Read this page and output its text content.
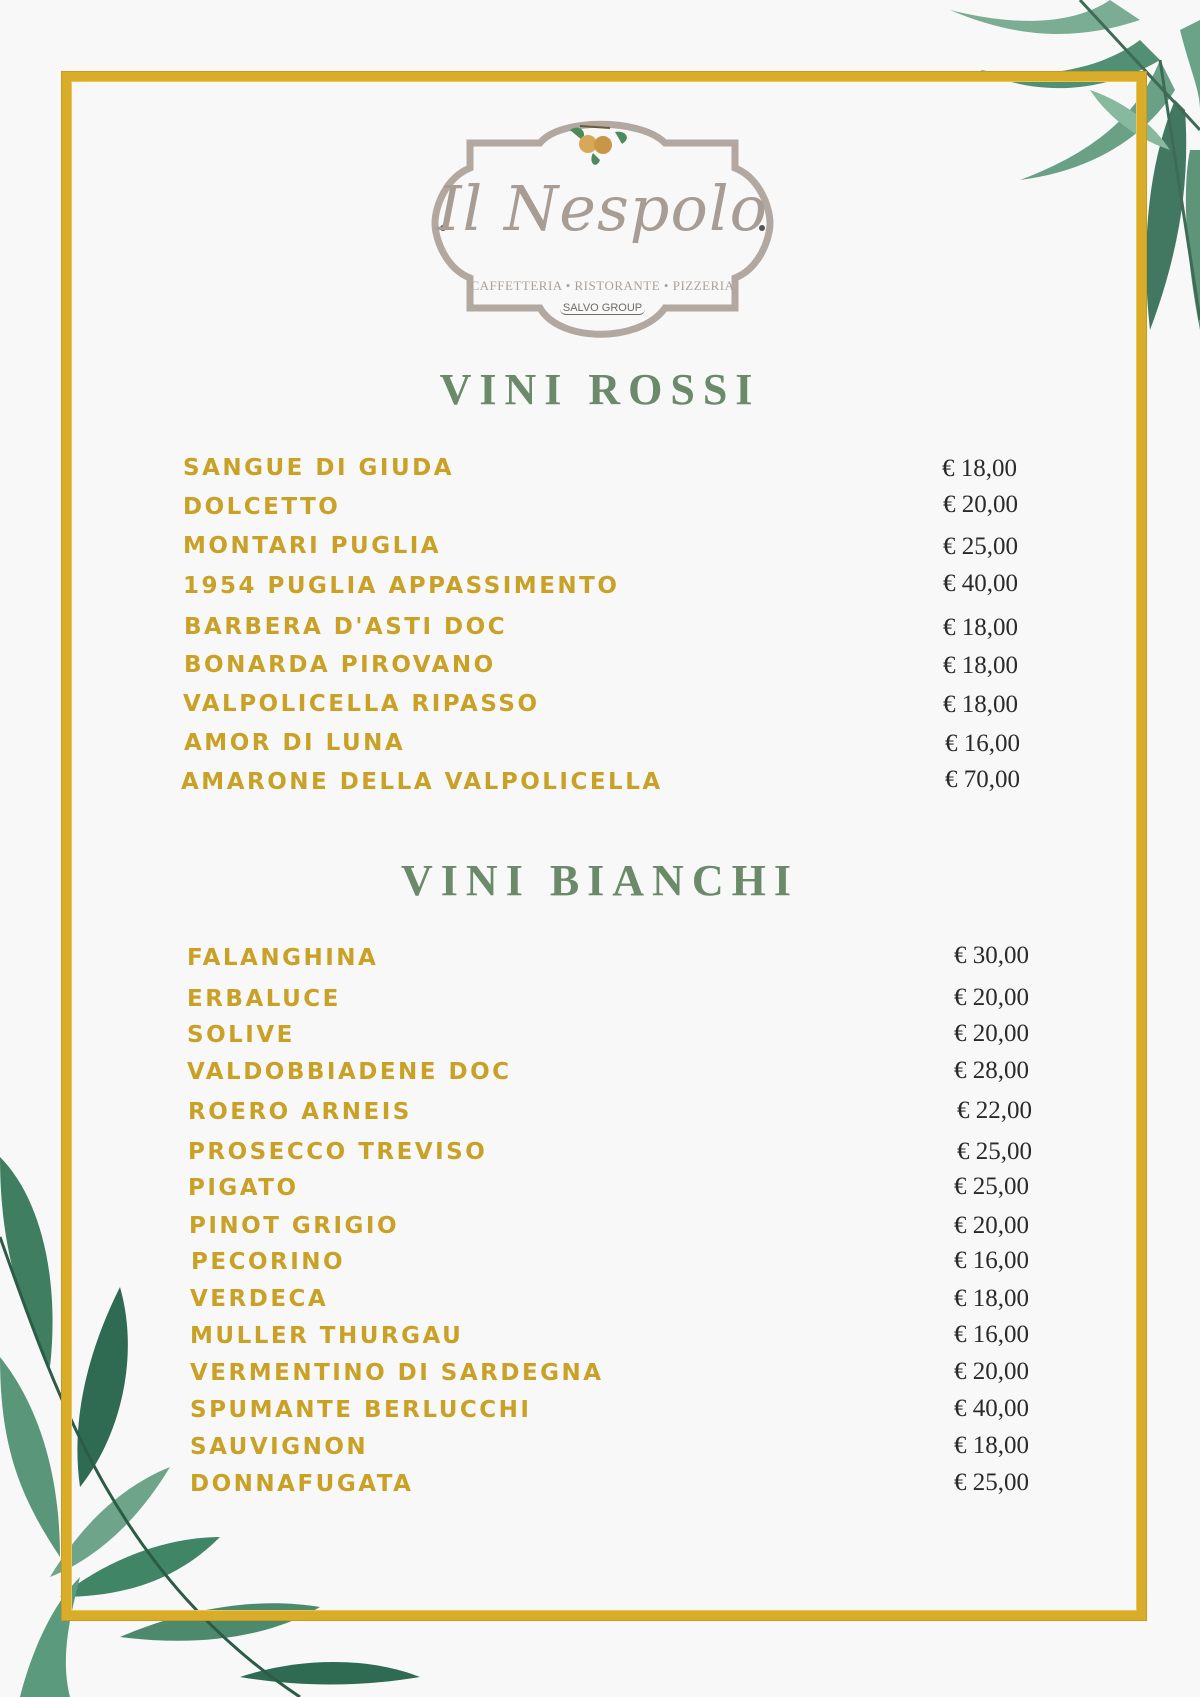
Il Nespolo
CAFFETTERIA • RISTORANTE • PIZZERIA
SALVO GROUP
VINI ROSSI
SANGUE DI GIUDA	€ 18,00
DOLCETTO	€ 20,00
MONTARI PUGLIA	€ 25,00
1954 PUGLIA APPASSIMENTO	€ 40,00
BARBERA D'ASTI DOC	€ 18,00
BONARDA PIROVANO	€ 18,00
VALPOLICELLA RIPASSO	€ 18,00
AMOR DI LUNA	€ 16,00
AMARONE DELLA VALPOLICELLA	€ 70,00
VINI BIANCHI
FALANGHINA	€ 30,00
ERBALUCE	€ 20,00
SOLIVE	€ 20,00
VALDOBBIADENE DOC	€ 28,00
ROERO ARNEIS	€ 22,00
PROSECCO TREVISO	€ 25,00
PIGATO	€ 25,00
PINOT GRIGIO	€ 20,00
PECORINO	€ 16,00
VERDECA	€ 18,00
MULLER THURGAU	€ 16,00
VERMENTINO DI SARDEGNA	€ 20,00
SPUMANTE BERLUCCHI	€ 40,00
SAUVIGNON	€ 18,00
DONNAFUGATA	€ 25,00
